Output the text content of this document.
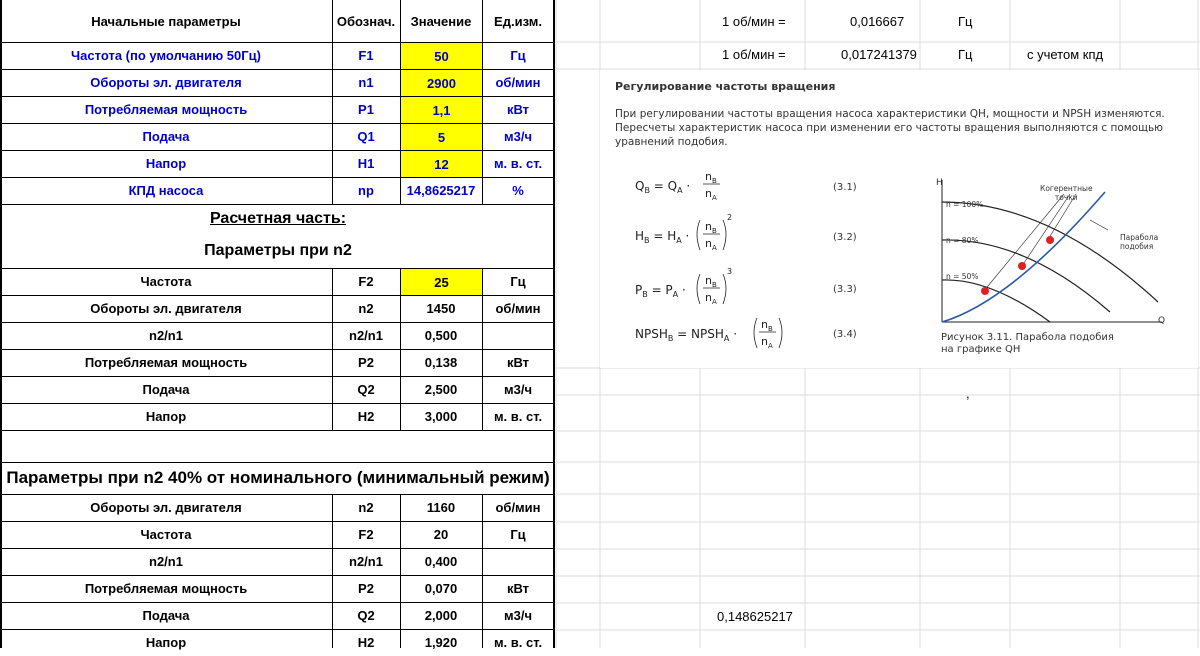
Начальные параметры	Обознач.	Значение	Ед.изм.
Частота (по умолчанию 50Гц)	F1	50	Гц
Обороты эл. двигателя	n1	2900	об/мин
Потребляемая мощность	P1	1,1	кВт
Подача	Q1	5	м3/ч
Напор	H1	12	м. в. ст.
КПД насоса	np	14,8625217	%
Расчетная часть:
Параметры при n2
Частота	F2	25	Гц
Обороты эл. двигателя	n2	1450	об/мин
n2/n1	n2/n1	0,500
Потребляемая мощность	P2	0,138	кВт
Подача	Q2	2,500	м3/ч
Напор	H2	3,000	м. в. ст.
Параметры при n2 40% от номинального (минимальный режим)
Обороты эл. двигателя	n2	1160	об/мин
Частота	F2	20	Гц
n2/n1	n2/n1	0,400
Потребляемая мощность	P2	0,070	кВт
Подача	Q2	2,000	м3/ч
Напор	H2	1,920	м. в. ст.
1 об/мин =	0,016667	Гц
1 об/мин =	0,017241379	Гц	с учетом кпд
0,148625217
,
Регулирование частоты вращения
При регулировании частоты вращения насоса характеристики QH, мощности и NPSH изменяются.
Пересчеты характеристик насоса при изменении его частоты вращения выполняются с помощью
уравнений подобия.
$Q_B = Q_A$ ·
$n_B$
$n_A$
$H_B = H_A$ ·
$n_B$
$n_A$
2
$P_B = P_A$ ·
$n_B$
$n_A$
3
$NPSH_B$ = $NPSH_A$ ·
$n_B$
$n_A$
(3.1)
(3.2)
(3.3)
(3.4)
H
Q
n = 100%
n = 80%
n = 50%
Когерентные
точки
Парабола
подобия
Рисунок 3.11. Парабола подобия
на графике QH
